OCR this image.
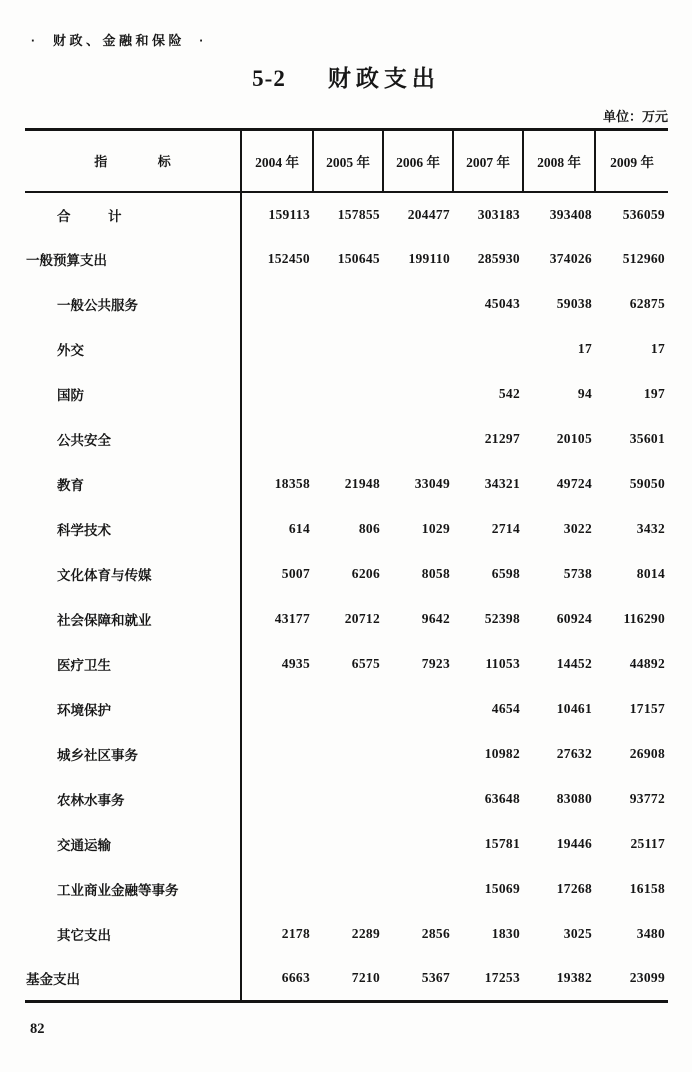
·  财政、金融和保险  ·
5-2 财政支出
单位：万元
指              标	2004 年	2005 年	2006 年	2007 年	2008 年	2009 年
合          计	159113	157855	204477	303183	393408	536059
一般预算支出	152450	150645	199110	285930	374026	512960
一般公共服务				45043	59038	62875
外交					17	17
国防				542	94	197
公共安全				21297	20105	35601
教育	18358	21948	33049	34321	49724	59050
科学技术	614	806	1029	2714	3022	3432
文化体育与传媒	5007	6206	8058	6598	5738	8014
社会保障和就业	43177	20712	9642	52398	60924	116290
医疗卫生	4935	6575	7923	11053	14452	44892
环境保护				4654	10461	17157
城乡社区事务				10982	27632	26908
农林水事务				63648	83080	93772
交通运输				15781	19446	25117
工业商业金融等事务				15069	17268	16158
其它支出	2178	2289	2856	1830	3025	3480
基金支出	6663	7210	5367	17253	19382	23099
82
